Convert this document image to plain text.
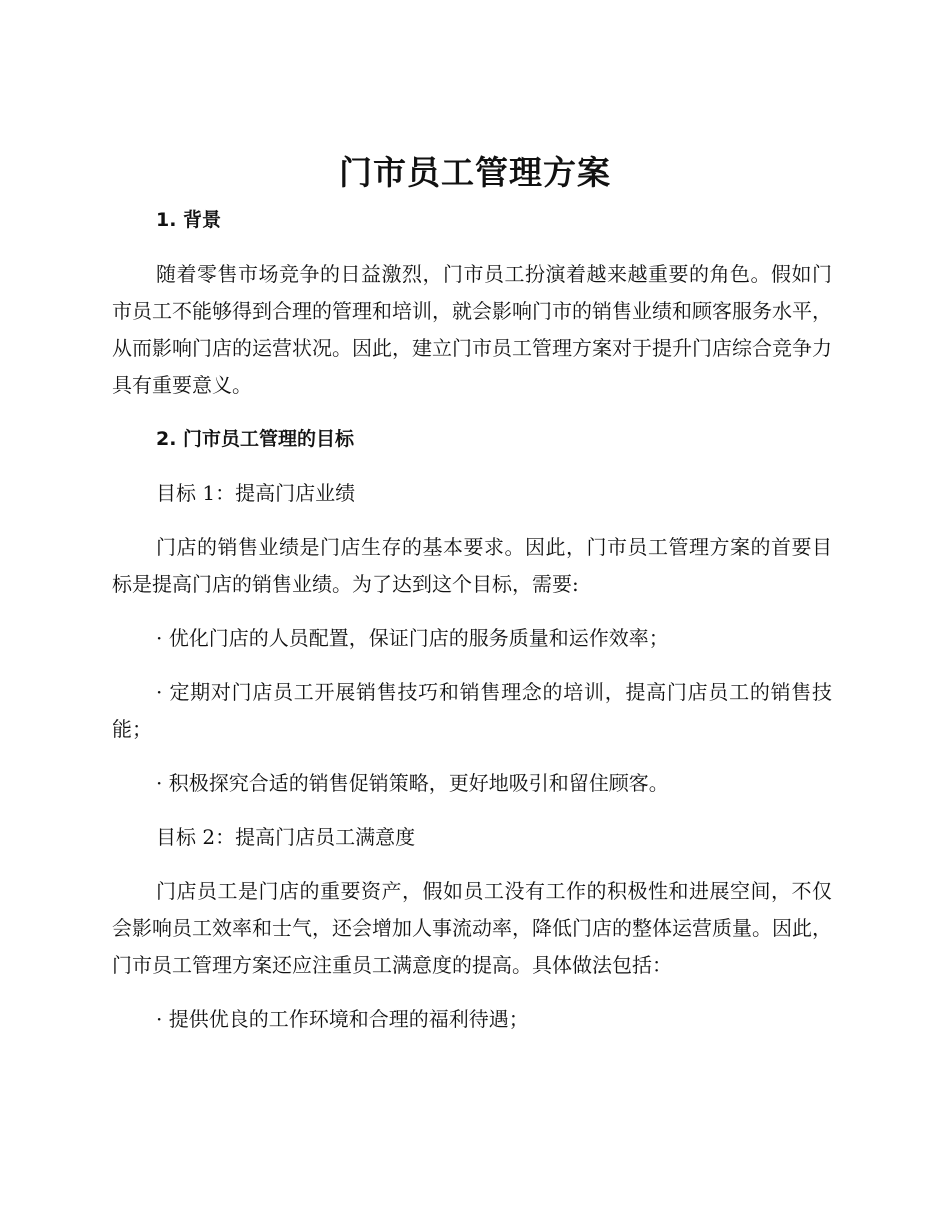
门市员工管理方案
1. 背景
随着零售市场竞争的日益激烈，门市员工扮演着越来越重要的角色。假如门市员工不能够得到合理的管理和培训，就会影响门市的销售业绩和顾客服务水平，从而影响门店的运营状况。因此，建立门市员工管理方案对于提升门店综合竞争力具有重要意义。
2. 门市员工管理的目标
目标 1：提高门店业绩
门店的销售业绩是门店生存的基本要求。因此，门市员工管理方案的首要目标是提高门店的销售业绩。为了达到这个目标，需要:
· 优化门店的人员配置，保证门店的服务质量和运作效率；
· 定期对门店员工开展销售技巧和销售理念的培训，提高门店员工的销售技能；
· 积极探究合适的销售促销策略，更好地吸引和留住顾客。
目标 2：提高门店员工满意度
门店员工是门店的重要资产，假如员工没有工作的积极性和进展空间，不仅会影响员工效率和士气，还会增加人事流动率，降低门店的整体运营质量。因此，门市员工管理方案还应注重员工满意度的提高。具体做法包括：
· 提供优良的工作环境和合理的福利待遇；
